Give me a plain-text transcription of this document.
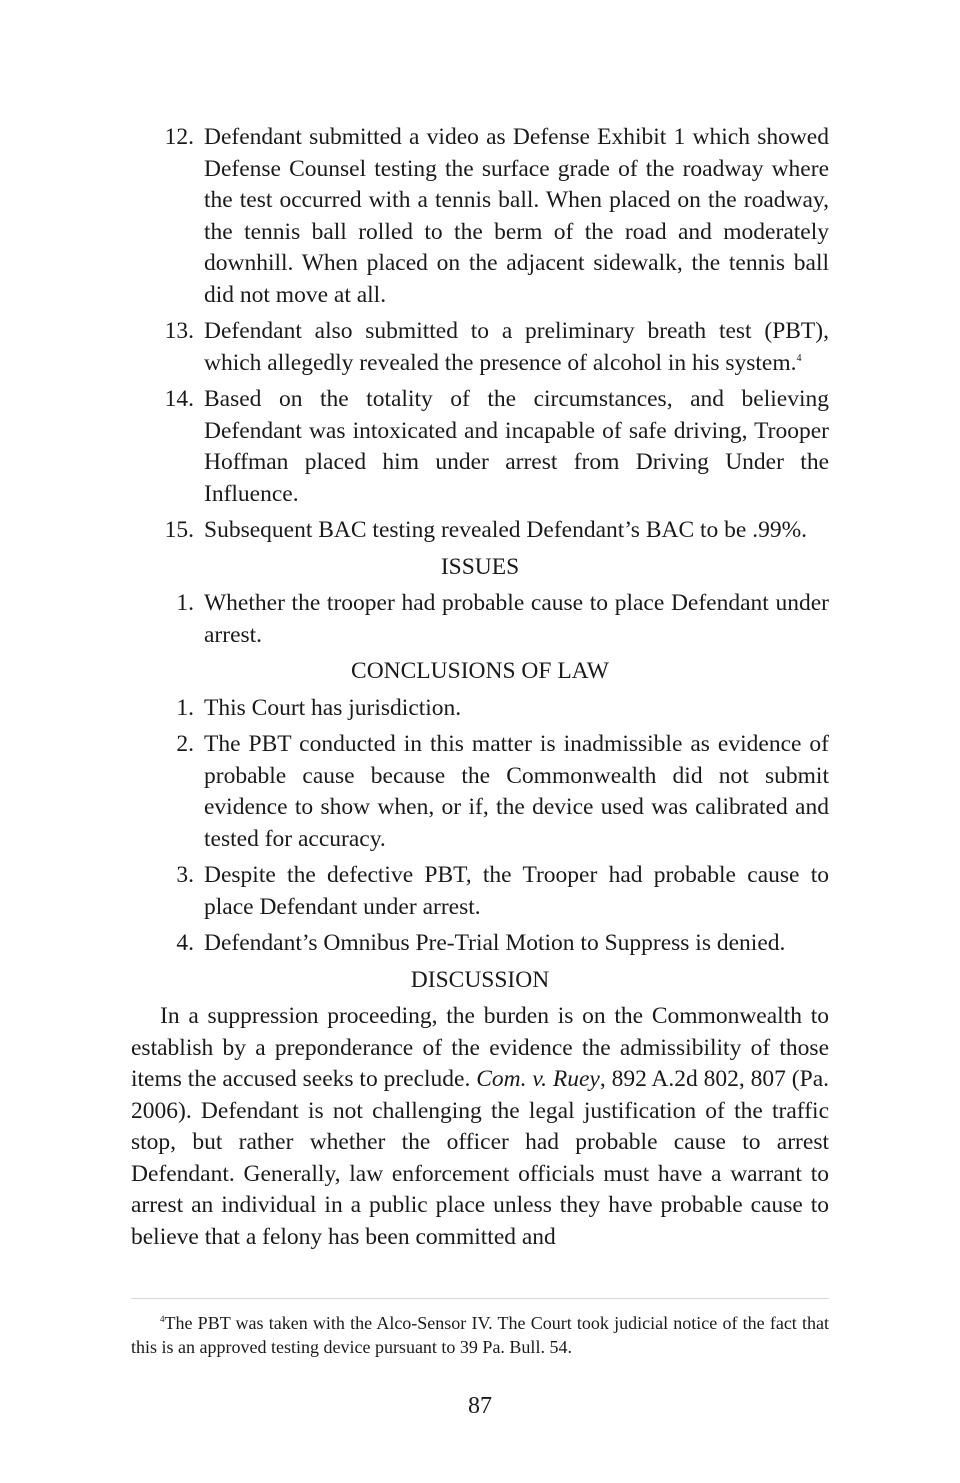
12. Defendant submitted a video as Defense Exhibit 1 which showed Defense Counsel testing the surface grade of the roadway where the test occurred with a tennis ball. When placed on the roadway, the tennis ball rolled to the berm of the road and moderately downhill. When placed on the adjacent sidewalk, the tennis ball did not move at all.
13. Defendant also submitted to a preliminary breath test (PBT), which allegedly revealed the presence of alcohol in his system.$^4$
14. Based on the totality of the circumstances, and believing Defendant was intoxicated and incapable of safe driving, Trooper Hoffman placed him under arrest from Driving Under the Influence.
15. Subsequent BAC testing revealed Defendant’s BAC to be .99%.
ISSUES
1. Whether the trooper had probable cause to place Defendant under arrest.
CONCLUSIONS OF LAW
1. This Court has jurisdiction.
2. The PBT conducted in this matter is inadmissible as evidence of probable cause because the Commonwealth did not submit evidence to show when, or if, the device used was calibrated and tested for accuracy.
3. Despite the defective PBT, the Trooper had probable cause to place Defendant under arrest.
4. Defendant’s Omnibus Pre-Trial Motion to Suppress is denied.
DISCUSSION

In a suppression proceeding, the burden is on the Commonwealth to establish by a preponderance of the evidence the admissibility of those items the accused seeks to preclude. Com. v. Ruey, 892 A.2d 802, 807 (Pa. 2006). Defendant is not challenging the legal justification of the traffic stop, but rather whether the officer had probable cause to arrest Defendant. Generally, law enforcement officials must have a warrant to arrest an individual in a public place unless they have probable cause to believe that a felony has been committed and

$^4$The PBT was taken with the Alco-Sensor IV. The Court took judicial notice of the fact that this is an approved testing device pursuant to 39 Pa. Bull. 54.
87
